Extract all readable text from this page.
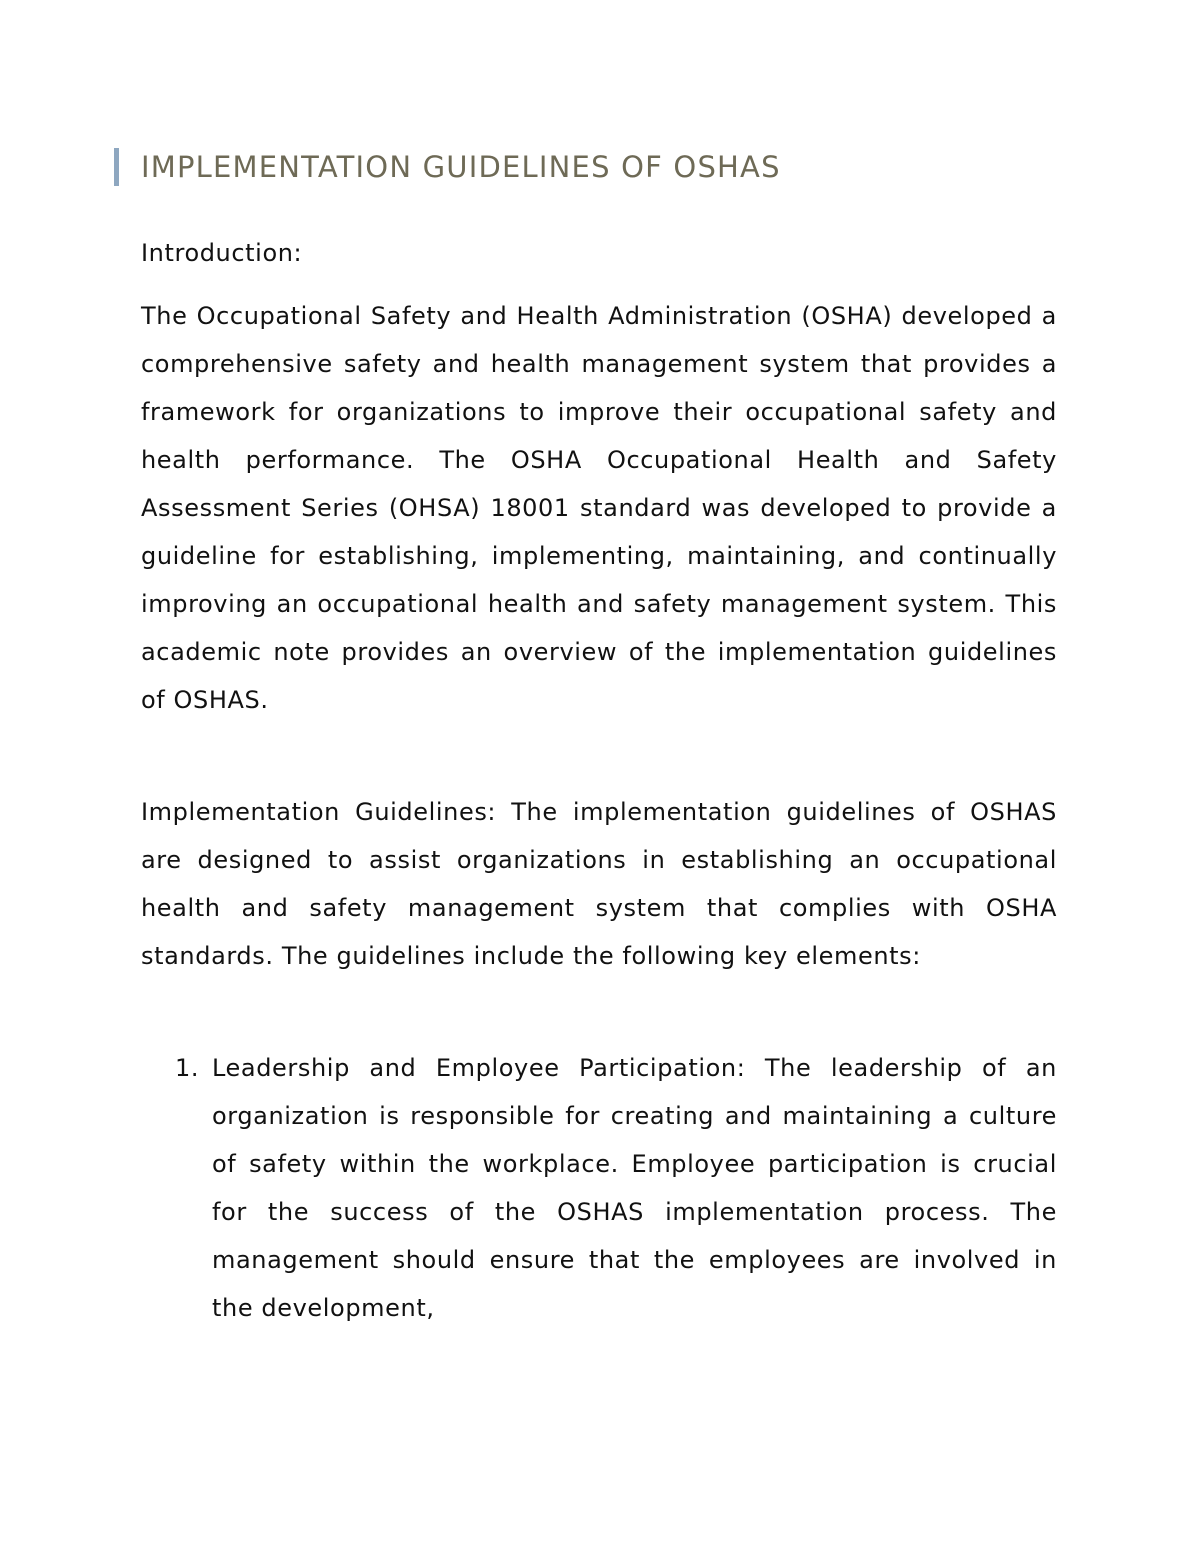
IMPLEMENTATION GUIDELINES OF OSHAS

Introduction:

The Occupational Safety and Health Administration (OSHA) developed a comprehensive safety and health management system that provides a framework for organizations to improve their occupational safety and health performance. The OSHA Occupational Health and Safety Assessment Series (OHSA) 18001 standard was developed to provide a guideline for establishing, implementing, maintaining, and continually improving an occupational health and safety management system. This academic note provides an overview of the implementation guidelines of OSHAS.

Implementation Guidelines: The implementation guidelines of OSHAS are designed to assist organizations in establishing an occupational health and safety management system that complies with OSHA standards. The guidelines include the following key elements:

1. Leadership and Employee Participation: The leadership of an organization is responsible for creating and maintaining a culture of safety within the workplace. Employee participation is crucial for the success of the OSHAS implementation process. The management should ensure that the employees are involved in the development,
